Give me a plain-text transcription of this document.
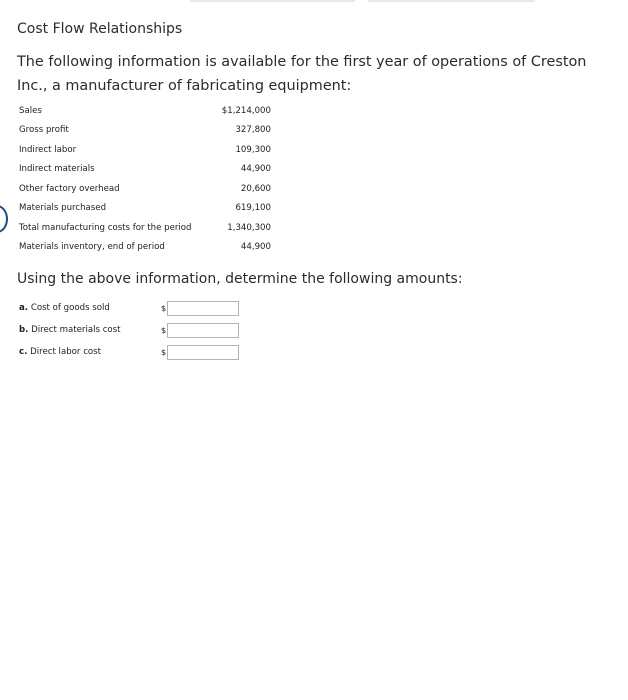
Cost Flow Relationships
The following information is available for the first year of operations of Creston Inc., a manufacturer of fabricating equipment:
Sales	$1,214,000
Gross profit	327,800
Indirect labor	109,300
Indirect materials	44,900
Other factory overhead	20,600
Materials purchased	619,100
Total manufacturing costs for the period	1,340,300
Materials inventory, end of period	44,900
Using the above information, determine the following amounts:
a. Cost of goods sold	$
b. Direct materials cost	$
c. Direct labor cost	$
